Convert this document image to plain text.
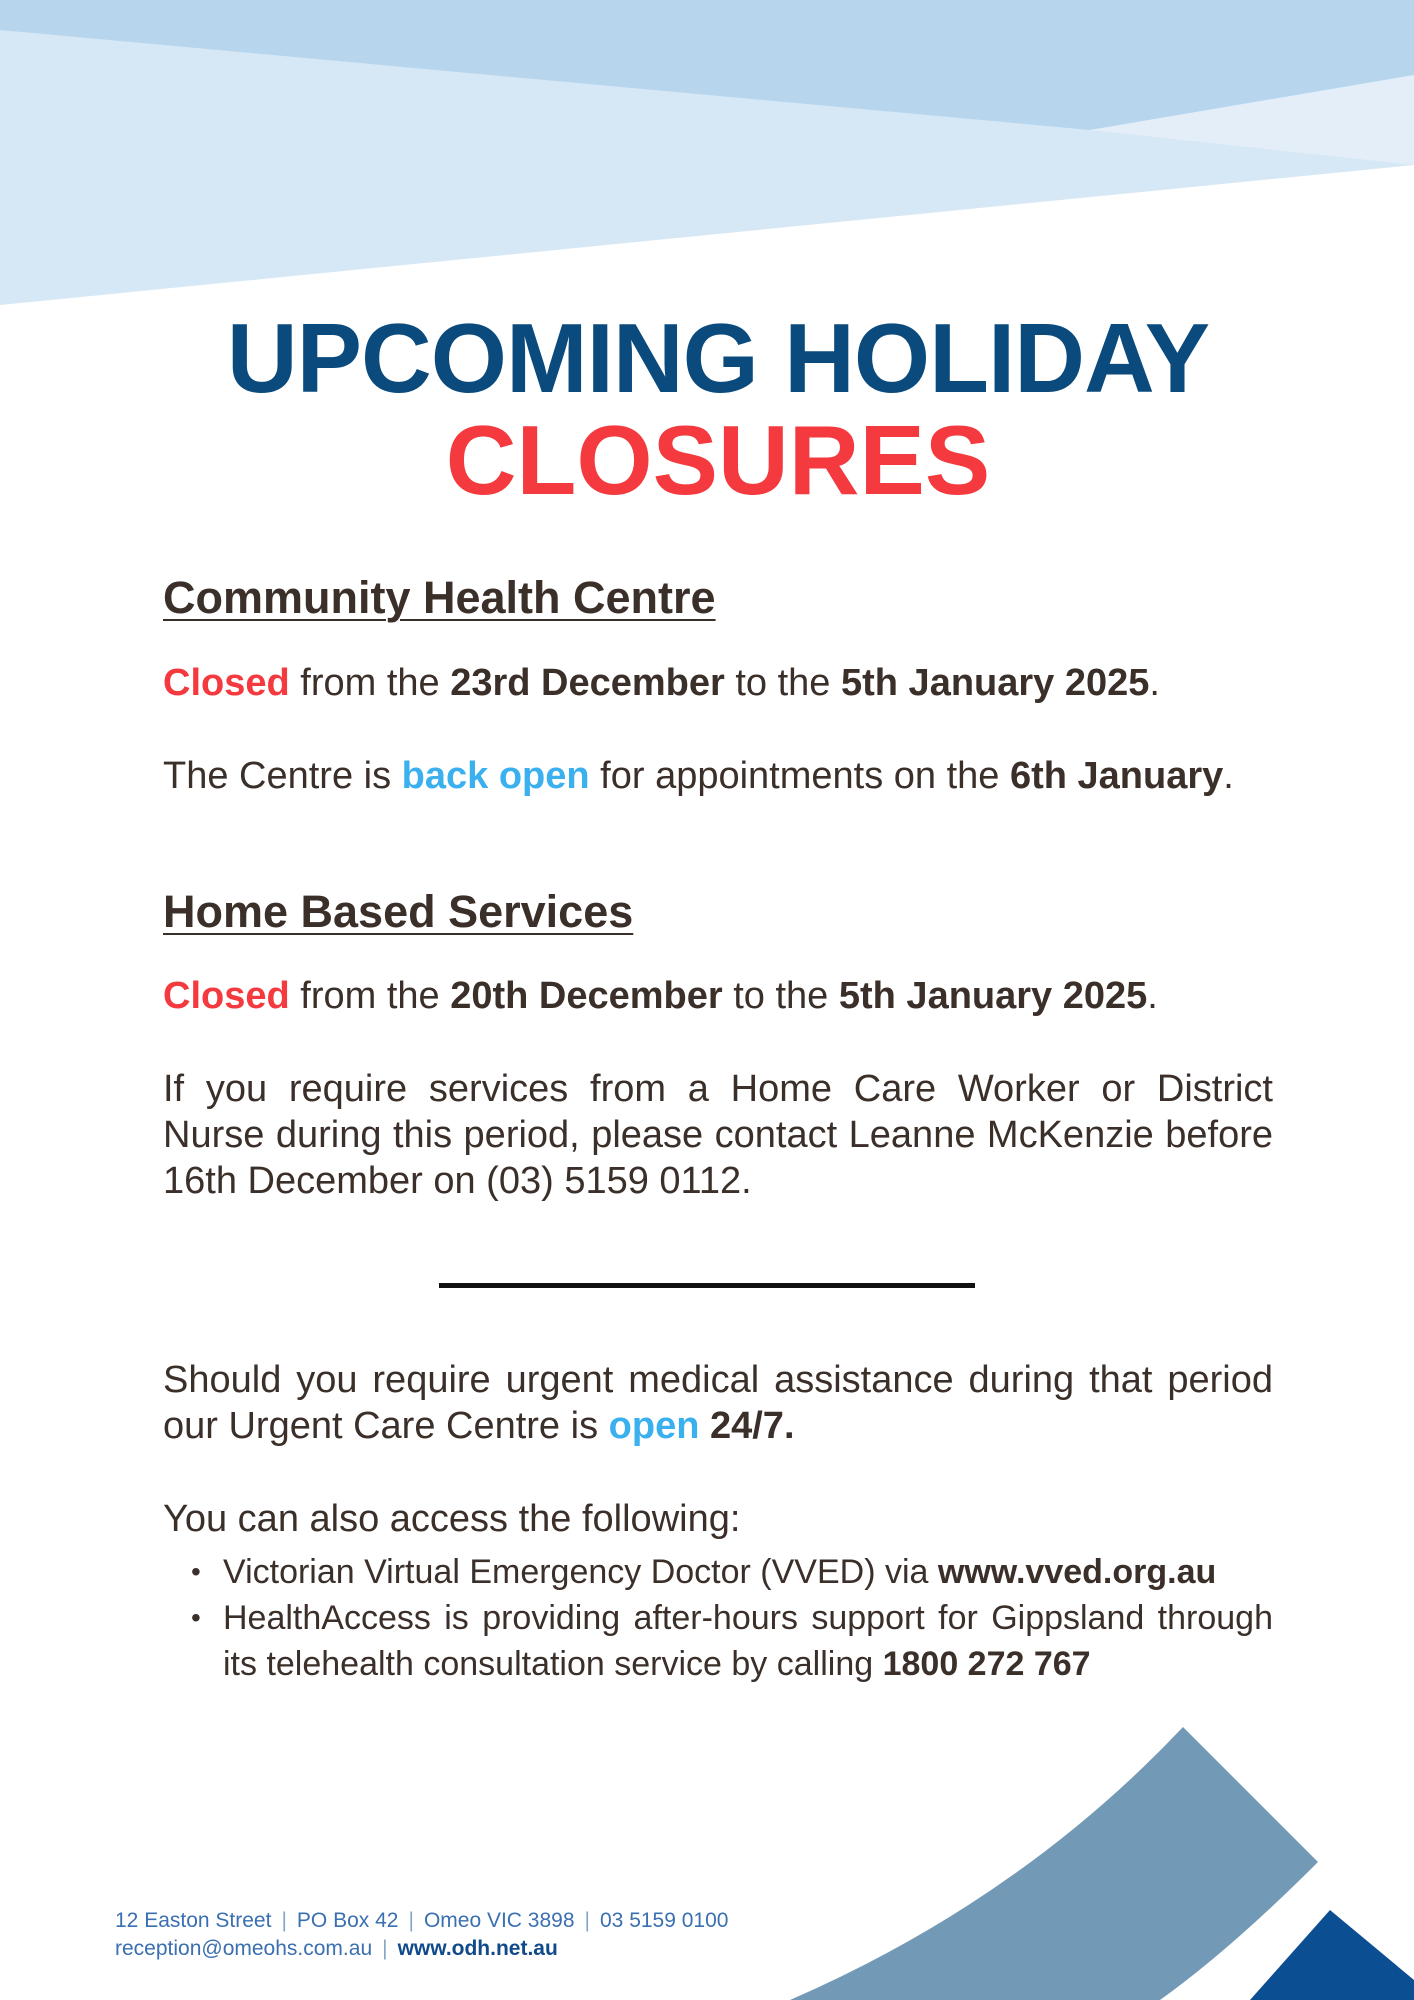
UPCOMING HOLIDAY
CLOSURES
Community Health Centre

Closed from the 23rd December to the 5th January 2025.

The Centre is back open for appointments on the 6th January.

Home Based Services

Closed from the 20th December to the 5th January 2025.

If you require services from a Home Care Worker or District Nurse during this period, please contact Leanne McKenzie before 16th December on (03) 5159 0112.

Should you require urgent medical assistance during that period our Urgent Care Centre is open 24/7.

You can also access the following:

• Victorian Virtual Emergency Doctor (VVED) via www.vved.org.au
• HealthAccess is providing after-hours support for Gippsland through its telehealth consultation service by calling 1800 272 767
12 Easton Street | PO Box 42 | Omeo VIC 3898 | 03 5159 0100
reception@omeohs.com.au | www.odh.net.au
